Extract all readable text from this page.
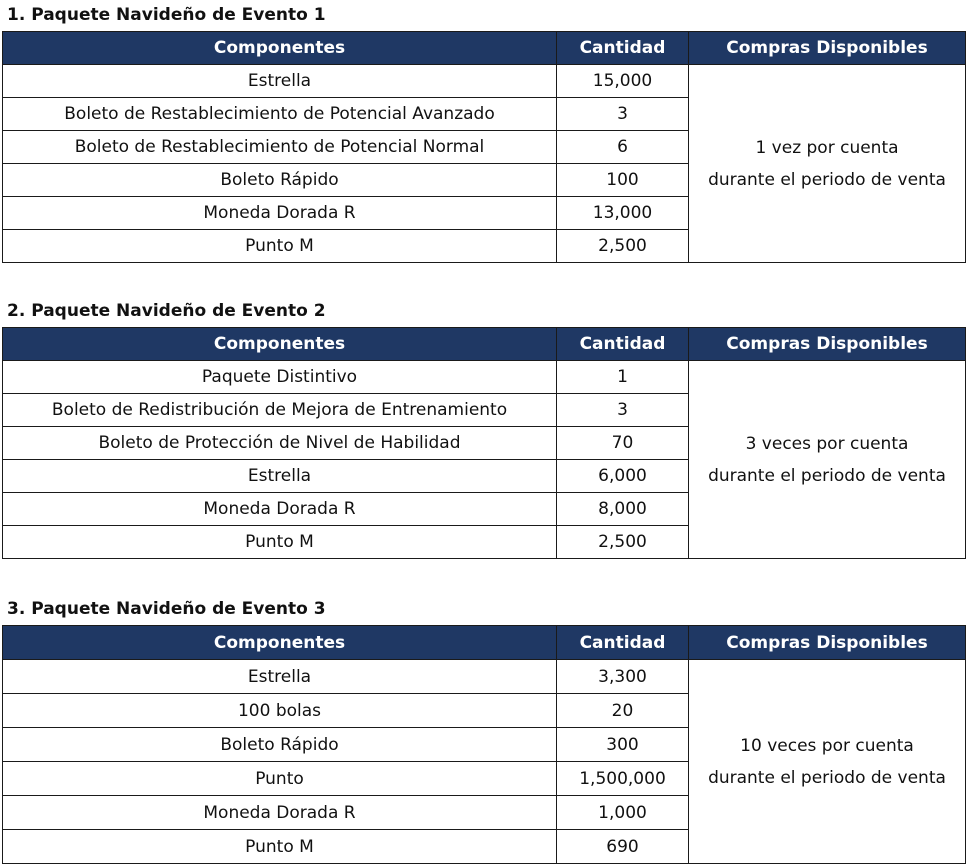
1. Paquete Navideño de Evento 1
Componentes	Cantidad	Compras Disponibles
Estrella	15,000	1 vez por cuenta
durante el periodo de venta

Boleto de Restablecimiento de Potencial Avanzado	3	
Boleto de Restablecimiento de Potencial Normal	6	
Boleto Rápido	100	
Moneda Dorada R	13,000	
Punto M	2,500	
2. Paquete Navideño de Evento 2
Componentes	Cantidad	Compras Disponibles
Paquete Distintivo	1	3 veces por cuenta
durante el periodo de venta

Boleto de Redistribución de Mejora de Entrenamiento	3	
Boleto de Protección de Nivel de Habilidad	70	
Estrella	6,000	
Moneda Dorada R	8,000	
Punto M	2,500	
3. Paquete Navideño de Evento 3
Componentes	Cantidad	Compras Disponibles
Estrella	3,300	10 veces por cuenta
durante el periodo de venta

100 bolas	20	
Boleto Rápido	300	
Punto	1,500,000	
Moneda Dorada R	1,000	
Punto M	690	
